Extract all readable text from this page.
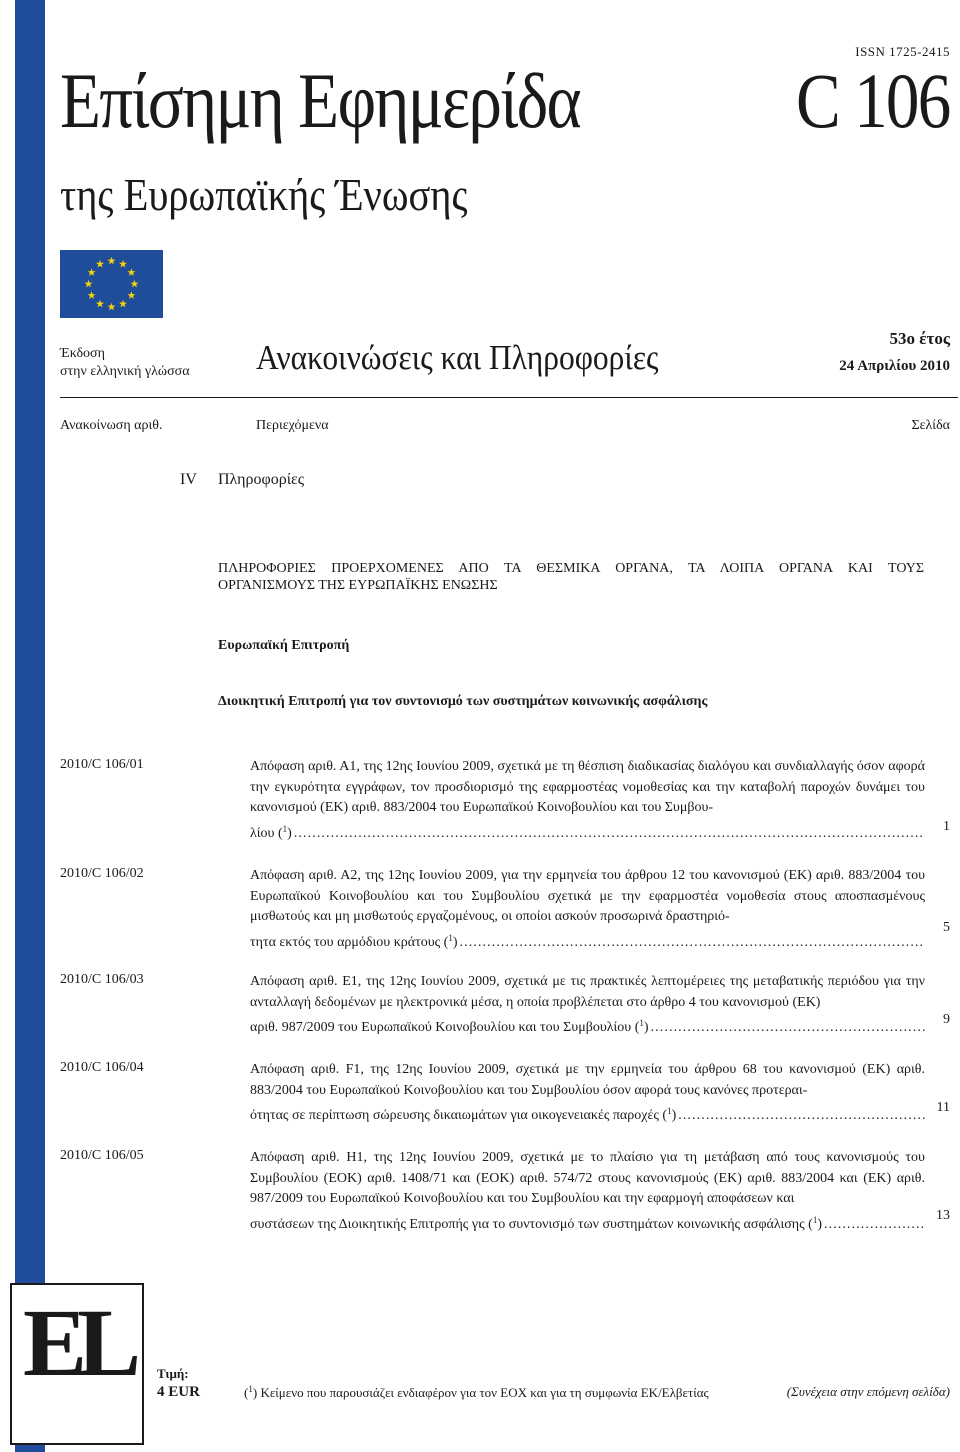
ISSN 1725-2415
Επίσημη Εφημερίδα	C 106
της Ευρωπαϊκής Ένωσης
Έκδοση
στην ελληνική γλώσσα Ανακοινώσεις και Πληροφορίες	53ο έτος
24 Απριλίου 2010
Ανακοίνωση αριθ.	Περιεχόμενα	Σελίδα
IV Πληροφορίες
ΠΛΗΡΟΦΟΡΙΕΣ ΠΡΟΕΡΧΟΜΕΝΕΣ ΑΠΟ ΤΑ ΘΕΣΜΙΚΑ ΟΡΓΑΝΑ, ΤΑ ΛΟΙΠΑ ΟΡΓΑΝΑ ΚΑΙ ΤΟΥΣ
ΟΡΓΑΝΙΣΜΟΥΣ ΤΗΣ ΕΥΡΩΠΑΪΚΗΣ ΕΝΩΣΗΣ
Ευρωπαϊκή Επιτροπή
Διοικητική Επιτροπή για τον συντονισμό των συστημάτων κοινωνικής ασφάλισης
2010/C 106/01	Απόφαση αριθ. Α1, της 12ης Ιουνίου 2009, σχετικά με τη θέσπιση διαδικασίας διαλόγου και συνδιαλλαγής όσον αφορά την εγκυρότητα εγγράφων, τον προσδιορισμό της εφαρμοστέας νομοθεσίας και την καταβολή παροχών δυνάμει του κανονισμού (ΕΚ) αριθ. 883/2004 του Ευρωπαϊκού Κοινοβουλίου και του Συμβου-
λίου ($^1$)
. . .	1
2010/C 106/02	Απόφαση αριθ. Α2, της 12ης Ιουνίου 2009, για την ερμηνεία του άρθρου 12 του κανονισμού (ΕΚ) αριθ. 883/2004 του Ευρωπαϊκού Κοινοβουλίου και του Συμβουλίου σχετικά με την εφαρμοστέα νομοθεσία στους αποσπασμένους μισθωτούς και μη μισθωτούς εργαζομένους, οι οποίοι ασκούν προσωρινά δραστηριό-
τητα εκτός του αρμόδιου κράτους ($^1$)
. . .
5
2010/C 106/03	Απόφαση αριθ. Ε1, της 12ης Ιουνίου 2009, σχετικά με τις πρακτικές λεπτομέρειες της μεταβατικής περιόδου για την ανταλλαγή δεδομένων με ηλεκτρονικά μέσα, η οποία προβλέπεται στο άρθρο 4 του κανονισμού (ΕΚ)
αριθ. 987/2009 του Ευρωπαϊκού Κοινοβουλίου και του Συμβουλίου ($^1$)
. . .
9
2010/C 106/04	Απόφαση αριθ. F1, της 12ης Ιουνίου 2009, σχετικά με την ερμηνεία του άρθρου 68 του κανονισμού (ΕΚ) αριθ. 883/2004 του Ευρωπαϊκού Κοινοβουλίου και του Συμβουλίου όσον αφορά τους κανόνες προτεραι-
ότητας σε περίπτωση σώρευσης δικαιωμάτων για οικογενειακές παροχές ($^1$)
. . .
11
2010/C 106/05	Απόφαση αριθ. Η1, της 12ης Ιουνίου 2009, σχετικά με το πλαίσιο για τη μετάβαση από τους κανονισμούς του Συμβουλίου (ΕΟΚ) αριθ. 1408/71 και (ΕΟΚ) αριθ. 574/72 στους κανονισμούς (ΕΚ) αριθ. 883/2004 και (ΕΚ) αριθ. 987/2009 του Ευρωπαϊκού Κοινοβουλίου και του Συμβουλίου και την εφαρμογή αποφάσεων και
συστάσεων της Διοικητικής Επιτροπής για το συντονισμό των συστημάτων κοινωνικής ασφάλισης ($^1$)
. . .
13
EL	Τιμή:
4 EUR	($^1$) Κείμενο που παρουσιάζει ενδιαφέρον για τον ΕΟΧ και για τη συμφωνία ΕΚ/Ελβετίας	(Συνέχεια στην επόμενη σελίδα)
